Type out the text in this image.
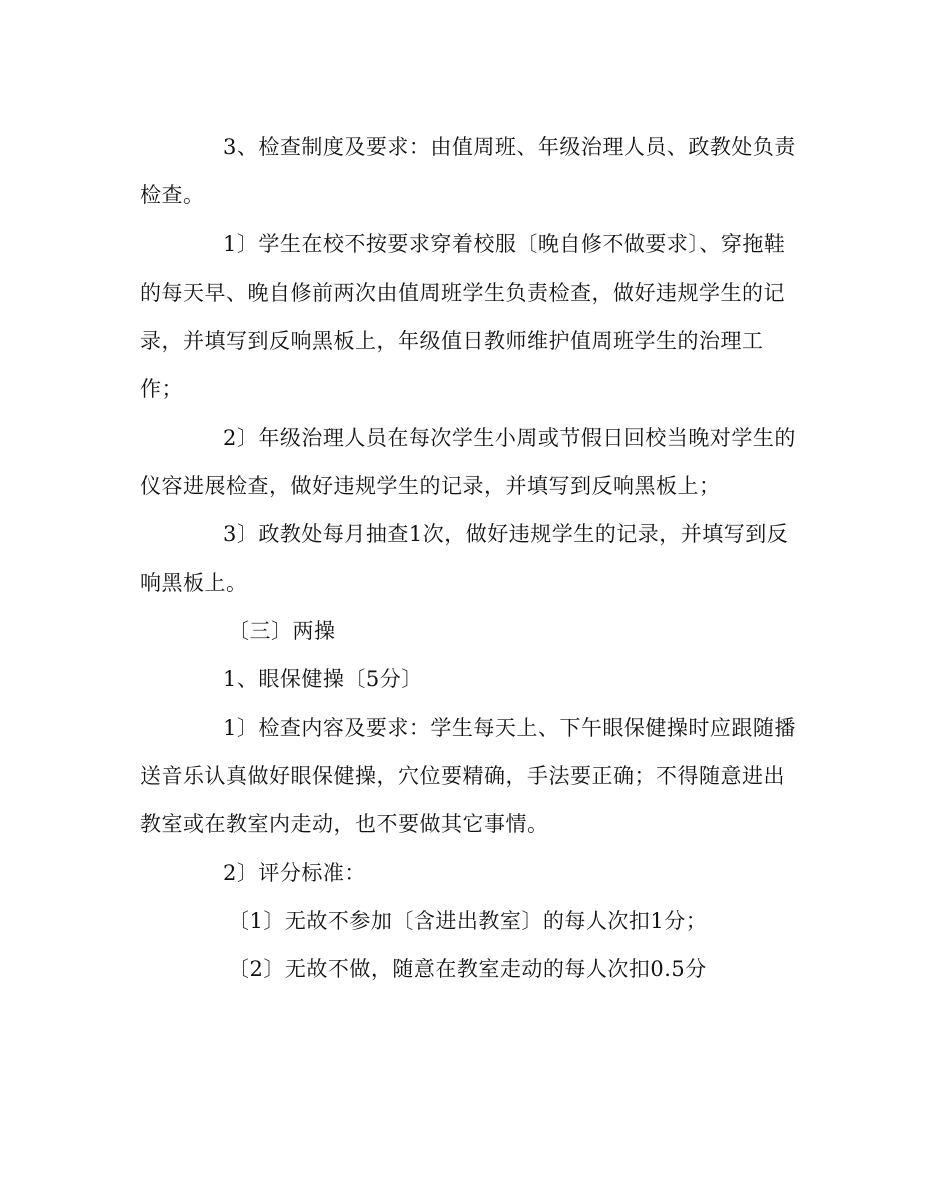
3、检查制度及要求：由值周班、年级治理人员、政教处负责
检查。
1〕学生在校不按要求穿着校服〔晚自修不做要求〕、穿拖鞋
的每天早、晚自修前两次由值周班学生负责检查，做好违规学生的记
录，并填写到反响黑板上，年级值日教师维护值周班学生的治理工
作；
2〕年级治理人员在每次学生小周或节假日回校当晚对学生的
仪容进展检查，做好违规学生的记录，并填写到反响黑板上；
3〕政教处每月抽查1次，做好违规学生的记录，并填写到反
响黑板上。
〔三〕两操
1、眼保健操〔5分〕
1〕检查内容及要求：学生每天上、下午眼保健操时应跟随播
送音乐认真做好眼保健操，穴位要精确，手法要正确；不得随意进出
教室或在教室内走动，也不要做其它事情。
2〕评分标准：
〔1〕无故不参加〔含进出教室〕的每人次扣1分；
〔2〕无故不做，随意在教室走动的每人次扣0.5分
